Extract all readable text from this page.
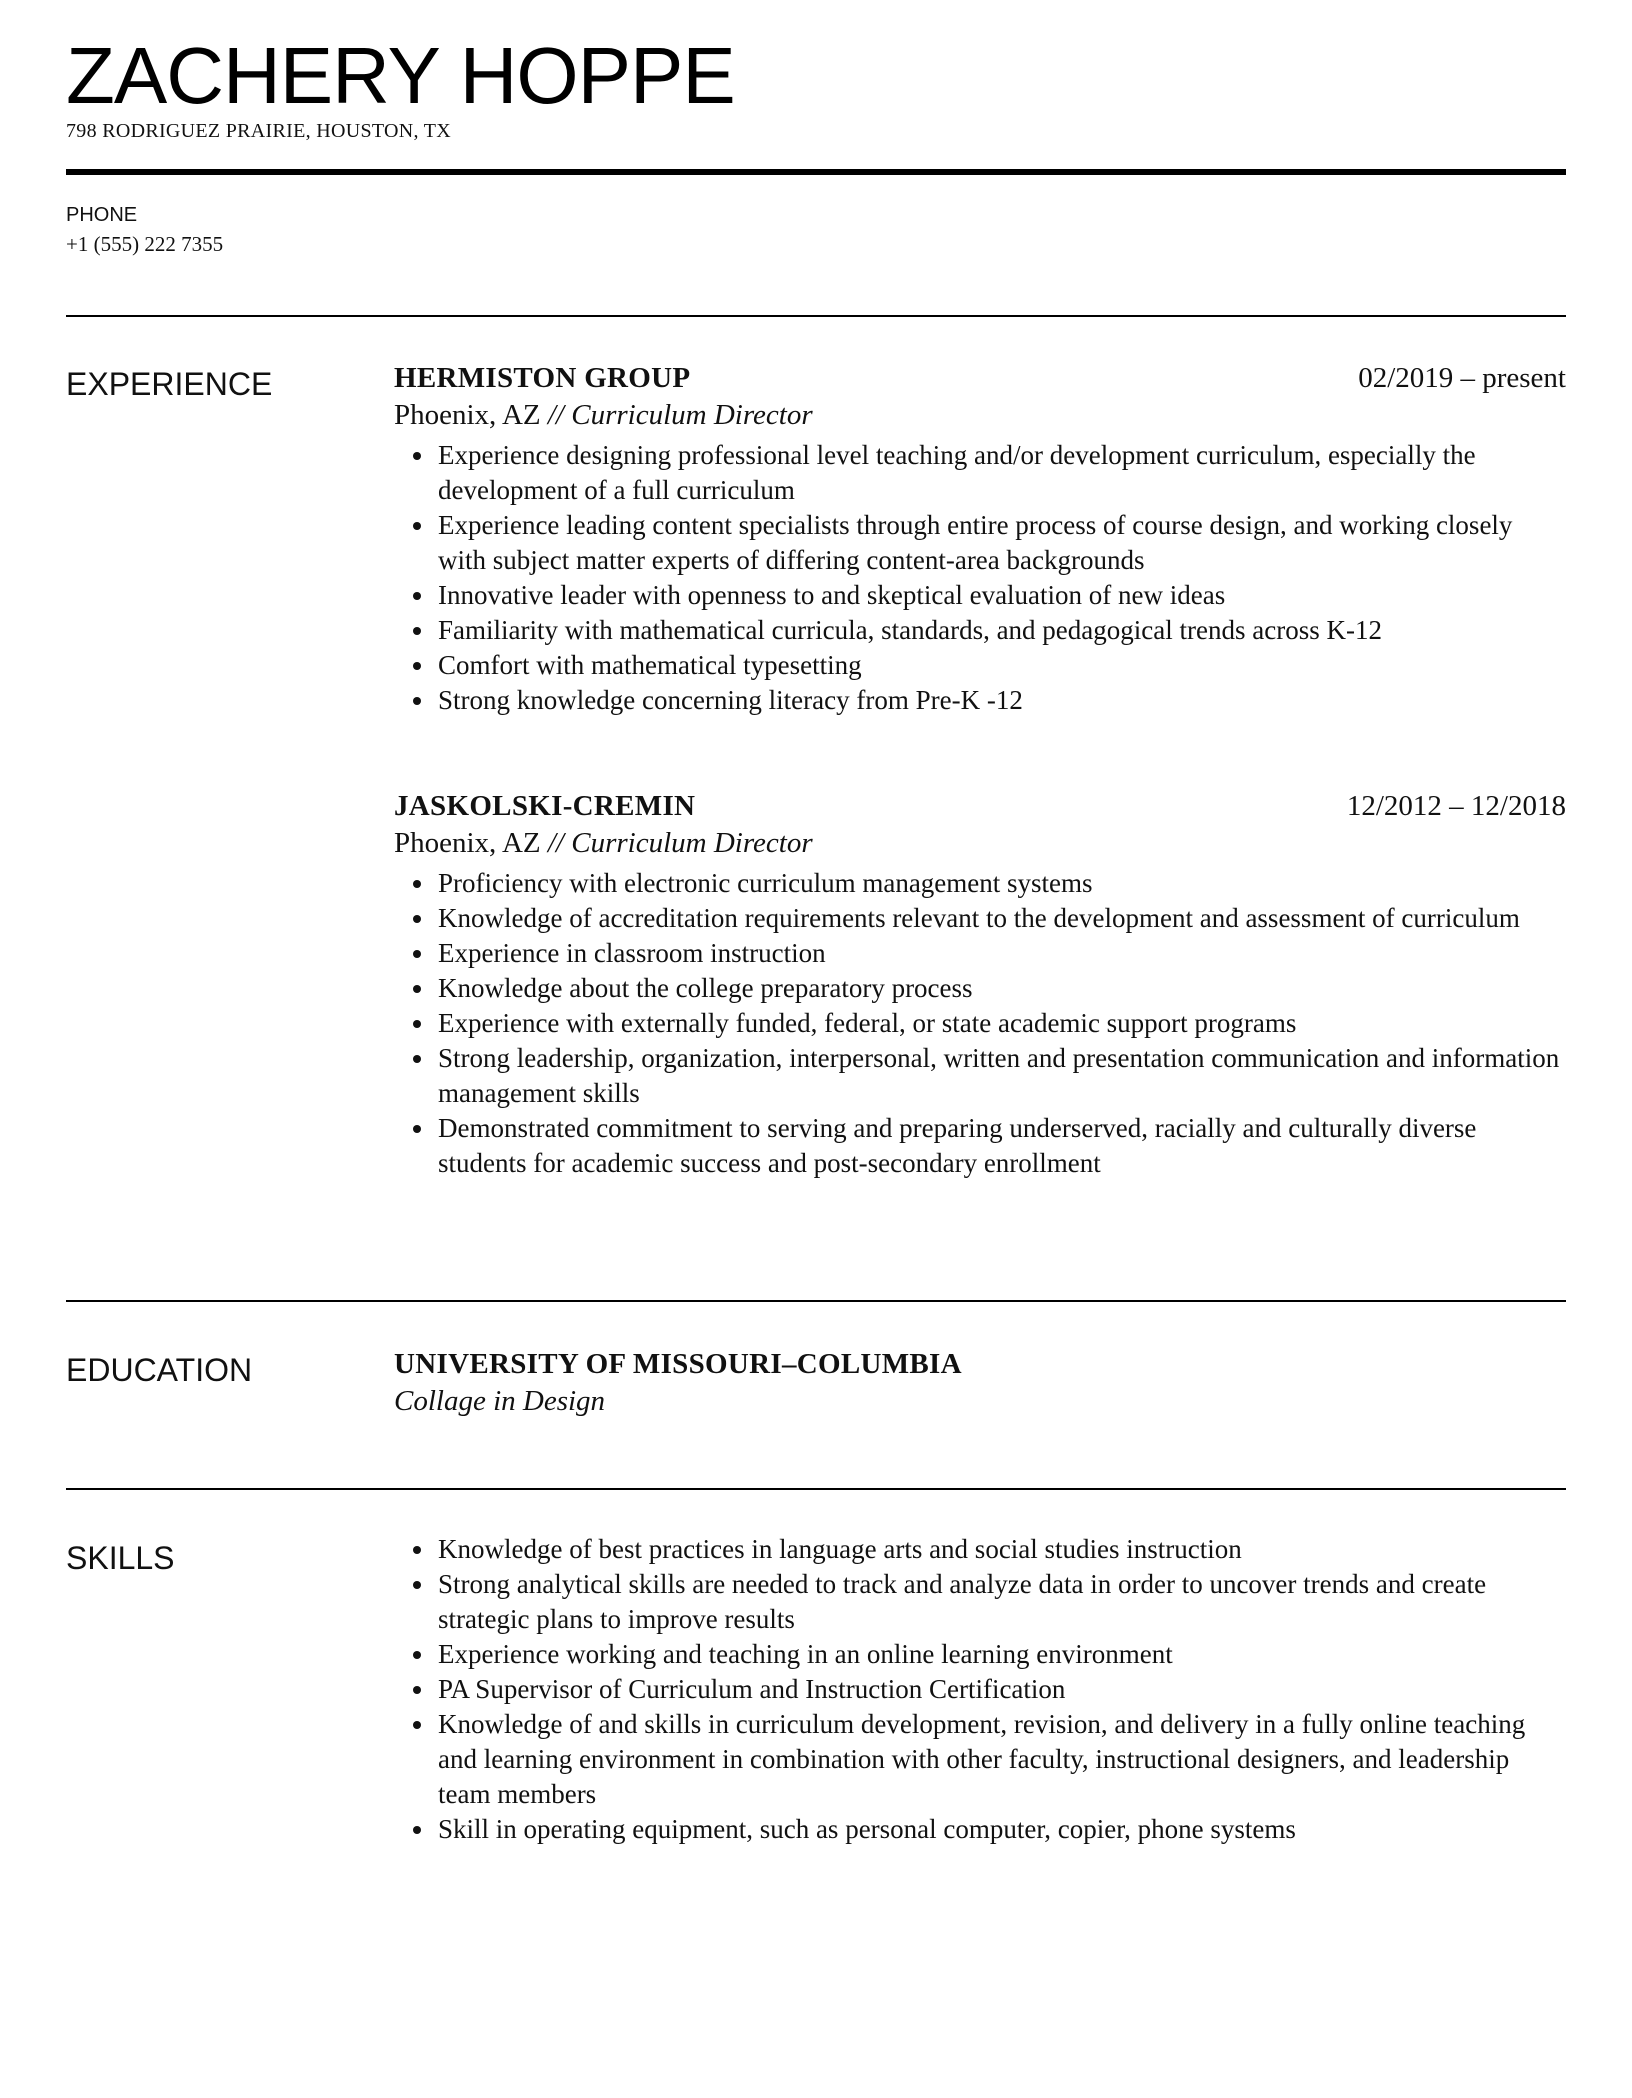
ZACHERY HOPPE
798 RODRIGUEZ PRAIRIE, HOUSTON, TX
PHONE
+1 (555) 222 7355
EXPERIENCE	HERMISTON GROUP	02/2019 – present
Phoenix, AZ // Curriculum Director
• Experience designing professional level teaching and/or development curriculum, especially the development of a full curriculum
• Experience leading content specialists through entire process of course design, and working closely with subject matter experts of differing content-area backgrounds
• Innovative leader with openness to and skeptical evaluation of new ideas
• Familiarity with mathematical curricula, standards, and pedagogical trends across K-12
• Comfort with mathematical typesetting
• Strong knowledge concerning literacy from Pre-K -12
JASKOLSKI-CREMIN	12/2012 – 12/2018
Phoenix, AZ // Curriculum Director
• Proficiency with electronic curriculum management systems
• Knowledge of accreditation requirements relevant to the development and assessment of curriculum
• Experience in classroom instruction
• Knowledge about the college preparatory process
• Experience with externally funded, federal, or state academic support programs
• Strong leadership, organization, interpersonal, written and presentation communication and information management skills
• Demonstrated commitment to serving and preparing underserved, racially and culturally diverse students for academic success and post-secondary enrollment
EDUCATION	UNIVERSITY OF MISSOURI–COLUMBIA
Collage in Design
SKILLS
•	Knowledge of best practices in language arts and social studies instruction
• Strong analytical skills are needed to track and analyze data in order to uncover trends and create strategic plans to improve results
• Experience working and teaching in an online learning environment
• PA Supervisor of Curriculum and Instruction Certification
• Knowledge of and skills in curriculum development, revision, and delivery in a fully online teaching and learning environment in combination with other faculty, instructional designers, and leadership team members
• Skill in operating equipment, such as personal computer, copier, phone systems
